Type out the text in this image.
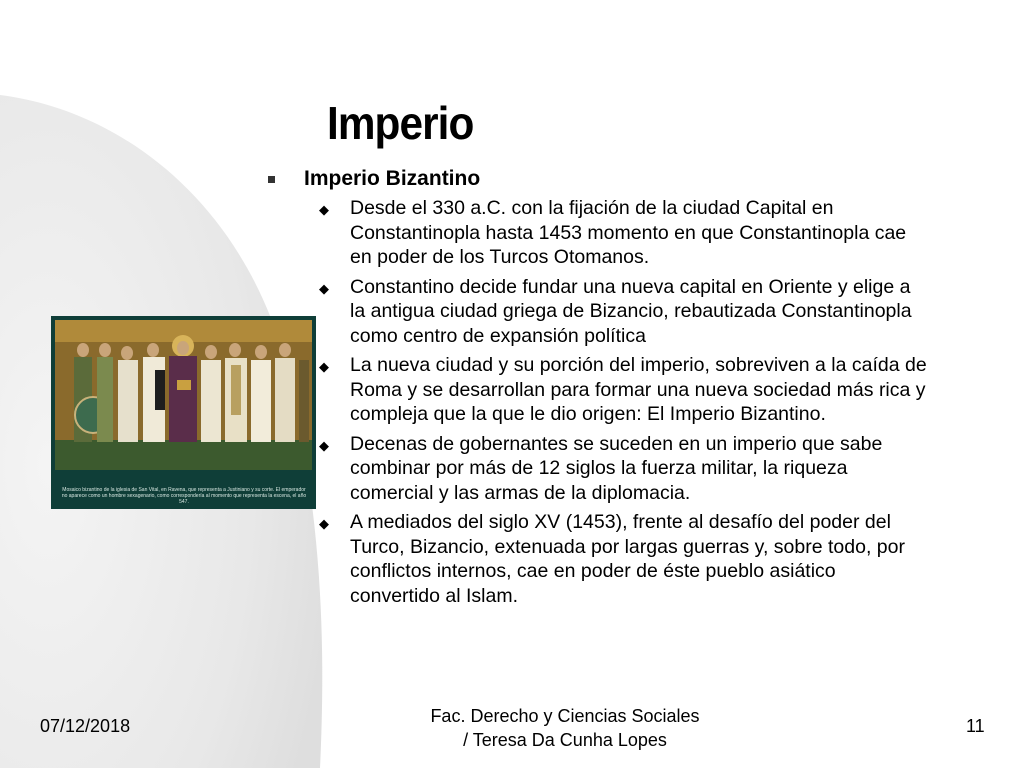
Imperio
Imperio Bizantino
◆ Desde el 330 a.C. con la fijación de la ciudad Capital en Constantinopla hasta 1453 momento en que Constantinopla cae en poder de los Turcos Otomanos.
◆ Constantino decide fundar una nueva capital en Oriente y elige a la antigua ciudad griega de Bizancio, rebautizada Constantinopla como centro de expansión política
◆ La nueva ciudad y su porción del imperio, sobreviven a la caída de Roma y se desarrollan para formar una nueva sociedad más rica y compleja que la que le dio origen: El Imperio Bizantino.
◆ Decenas de gobernantes se suceden en un imperio que sabe combinar por más de 12 siglos la fuerza militar, la riqueza comercial y las armas de la diplomacia.
◆ A mediados del siglo XV (1453), frente al desafío del poder del Turco, Bizancio, extenuada por largas guerras y, sobre todo, por conflictos internos, cae en poder de éste pueblo asiático convertido al Islam.
Mosaico bizantino de la iglesia de San Vital, en Ravena, que representa a Justiniano y su corte. El emperador no aparece como un hombre sexagenario, como correspondería al momento que representa la escena, el año 547.
07/12/2018	Fac. Derecho y Ciencias Sociales
/ Teresa Da Cunha Lopes
11
